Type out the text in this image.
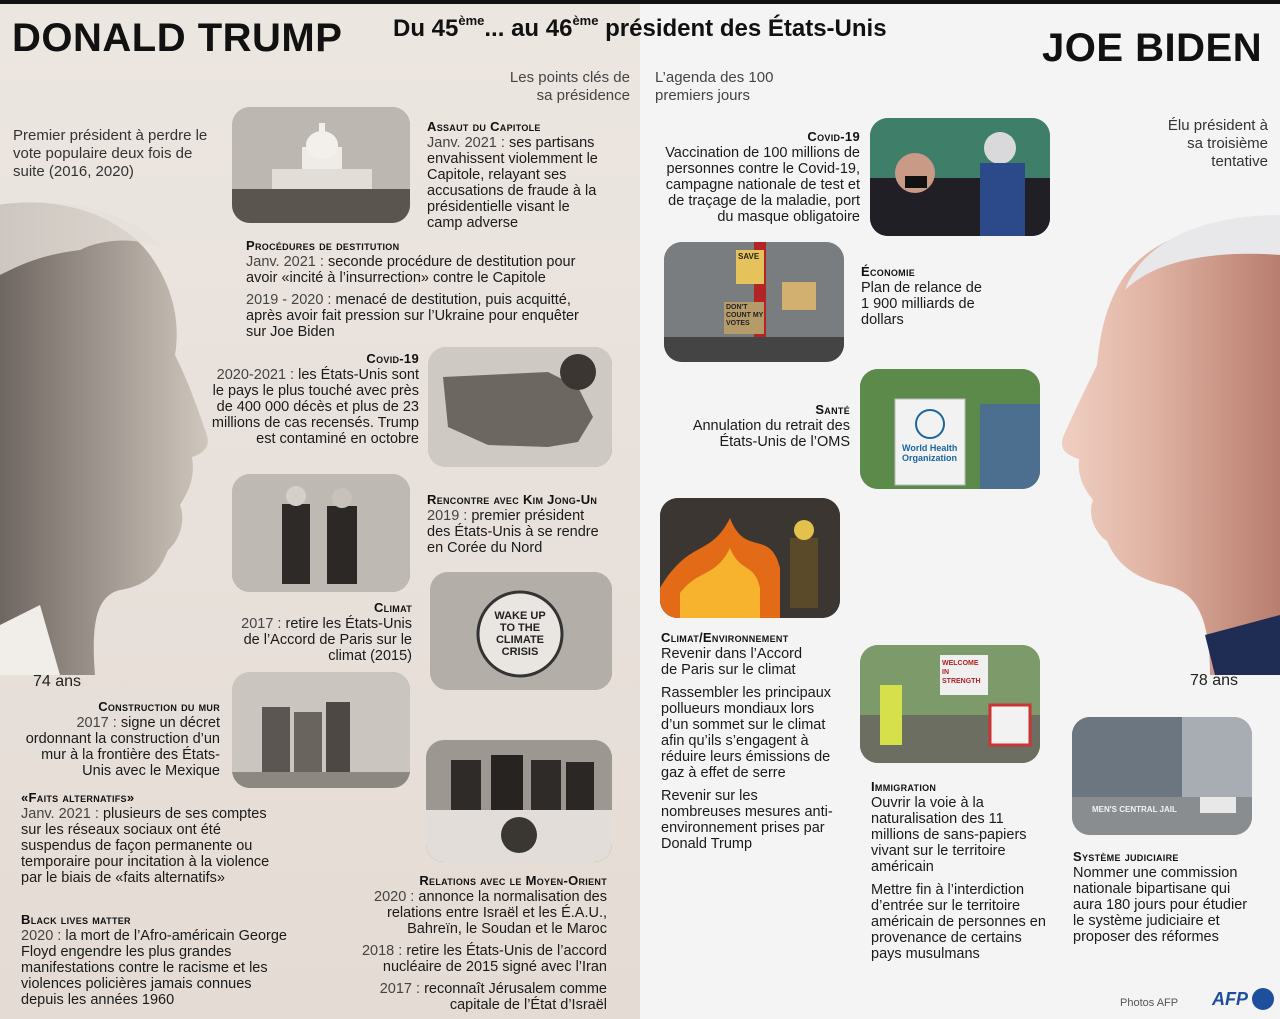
DONALD TRUMP Du 45ème... au 46ème président des États-Unis	JOE BIDEN
Les points clés de sa présidence
L’agenda des 100 premiers jours
Premier président à perdre le vote populaire deux fois de suite (2016, 2020)
Élu président à sa troisième tentative
74 ans	78 ans
WAKE UP TO THE CLIMATE CRISIS
Assaut du Capitole
Janv. 2021 : ses partisans envahissent violemment le Capitole, relayant ses accusations de fraude à la présidentielle visant le camp adverse
Procédures de destitution
Janv. 2021 : seconde procédure de destitution pour avoir «incité à l’insurrection» contre le Capitole
2019 - 2020 : menacé de destitution, puis acquitté, après avoir fait pression sur l’Ukraine pour enquêter sur Joe Biden
Covid-19
2020-2021 : les États-Unis sont le pays le plus touché avec près de 400 000 décès et plus de 23 millions de cas recensés. Trump est contaminé en octobre
Rencontre avec Kim Jong-Un
2019 : premier président des États-Unis à se rendre en Corée du Nord
Climat
2017 : retire les États-Unis de l’Accord de Paris sur le climat (2015)
Construction du mur
2017 : signe un décret ordonnant la construction d’un mur à la frontière des États-Unis avec le Mexique
«Faits alternatifs»
Janv. 2021 : plusieurs de ses comptes sur les réseaux sociaux ont été suspendus de façon permanente ou temporaire pour incitation à la violence par le biais de «faits alternatifs»
Black lives matter
2020 : la mort de l’Afro-américain George Floyd engendre les plus grandes manifestations contre le racisme et les violences policières jamais connues depuis les années 1960
Relations avec le Moyen-Orient
2020 : annonce la normalisation des relations entre Israël et les É.A.U., Bahreïn, le Soudan et le Maroc
2018 : retire les États-Unis de l’accord nucléaire de 2015 signé avec l’Iran
2017 : reconnaît Jérusalem comme capitale de l’État d’Israël
SAVE
DON'T COUNT MY VOTES
World Health Organization
WELCOME IN STRENGTH
MEN'S CENTRAL JAIL
Covid-19
Vaccination de 100 millions de personnes contre le Covid-19, campagne nationale de test et de traçage de la maladie, port du masque obligatoire
Économie
Plan de relance de 1 900 milliards de dollars
Santé
Annulation du retrait des États-Unis de l’OMS
Climat/Environnement
Revenir dans l’Accord de Paris sur le climat
Rassembler les principaux pollueurs mondiaux lors d’un sommet sur le climat afin qu’ils s’engagent à réduire leurs émissions de gaz à effet de serre
Revenir sur les nombreuses mesures anti-environnement prises par Donald Trump
Immigration
Ouvrir la voie à la naturalisation des 11 millions de sans-papiers vivant sur le territoire américain
Mettre fin à l’interdiction d’entrée sur le territoire américain de personnes en provenance de certains pays musulmans
Système judiciaire
Nommer une commission nationale bipartisane qui aura 180 jours pour étudier le système judiciaire et proposer des réformes
Photos AFP AFP
